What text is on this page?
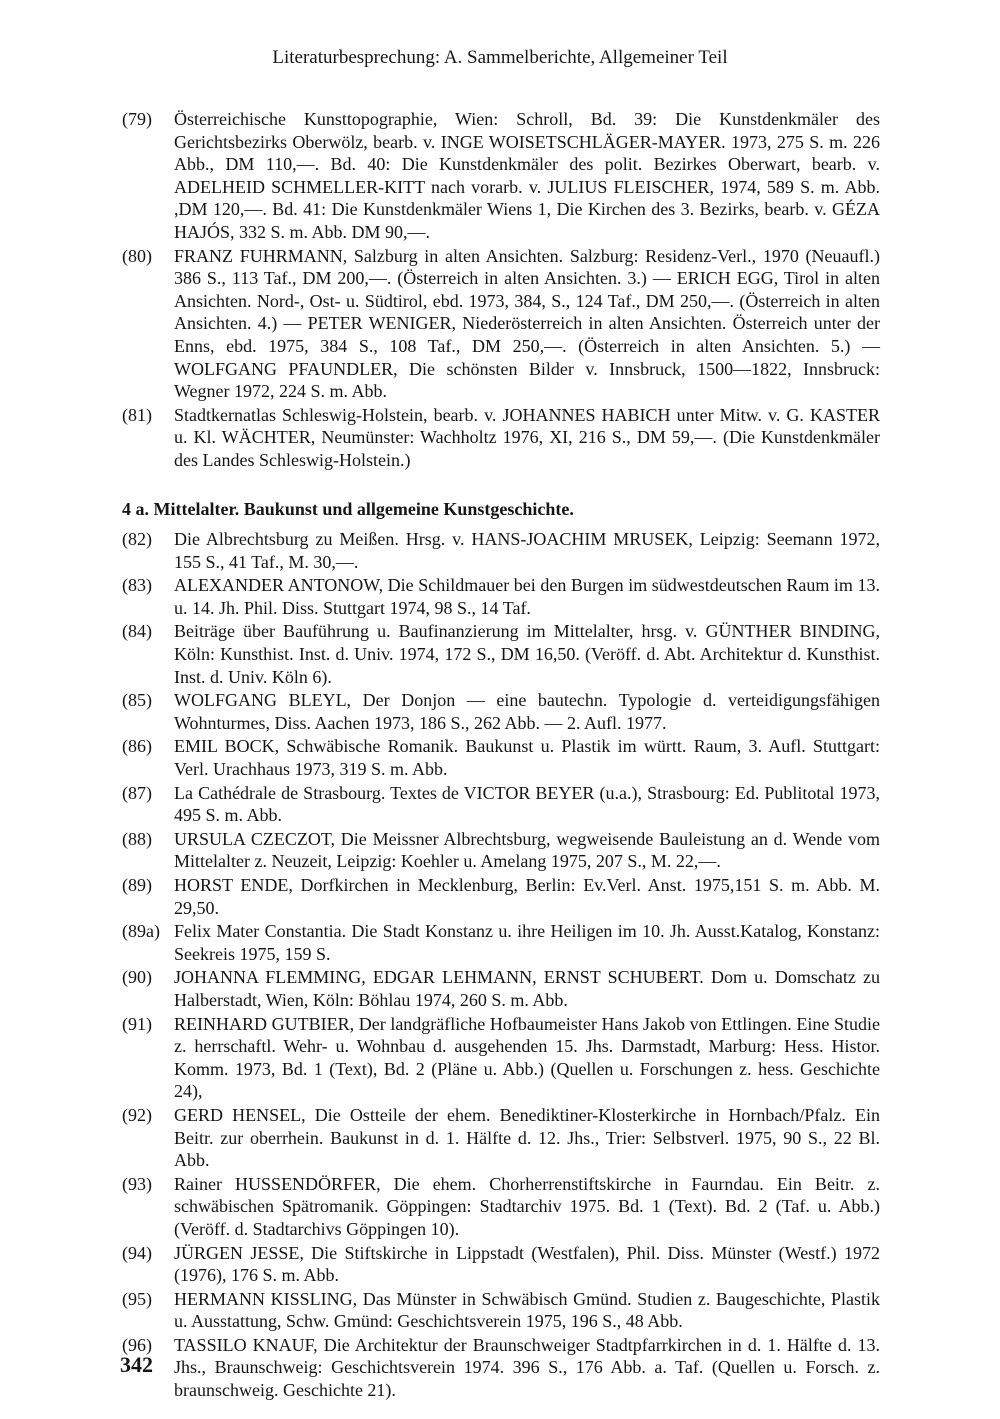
Literaturbesprechung: A. Sammelberichte, Allgemeiner Teil
(79)	Österreichische Kunsttopographie, Wien: Schroll, Bd. 39: Die Kunstdenkmäler des Gerichtsbezirks Oberwölz, bearb. v. INGE WOISETSCHLÄGER-MAYER. 1973, 275 S. m. 226 Abb., DM 110,—. Bd. 40: Die Kunstdenkmäler des polit. Bezirkes Oberwart, bearb. v. ADELHEID SCHMELLER-KITT nach vorarb. v. JULIUS FLEISCHER, 1974, 589 S. m. Abb. ,DM 120,—. Bd. 41: Die Kunstdenkmäler Wiens 1, Die Kirchen des 3. Bezirks, bearb. v. GÉZA HAJÓS, 332 S. m. Abb. DM 90,—.
(80)	FRANZ FUHRMANN, Salzburg in alten Ansichten. Salzburg: Residenz-Verl., 1970 (Neuaufl.) 386 S., 113 Taf., DM 200,—. (Österreich in alten Ansichten. 3.) — ERICH EGG, Tirol in alten Ansichten. Nord-, Ost- u. Südtirol, ebd. 1973, 384, S., 124 Taf., DM 250,—. (Österreich in alten Ansichten. 4.) — PETER WENIGER, Niederösterreich in alten Ansichten. Österreich unter der Enns, ebd. 1975, 384 S., 108 Taf., DM 250,—. (Österreich in alten Ansichten. 5.) — WOLFGANG PFAUNDLER, Die schönsten Bilder v. Innsbruck, 1500—1822, Innsbruck: Wegner 1972, 224 S. m. Abb.
(81)	Stadtkernatlas Schleswig-Holstein, bearb. v. JOHANNES HABICH unter Mitw. v. G. KASTER u. Kl. WÄCHTER, Neumünster: Wachholtz 1976, XI, 216 S., DM 59,—. (Die Kunstdenkmäler des Landes Schleswig-Holstein.)
4 a. Mittelalter. Baukunst und allgemeine Kunstgeschichte.
(82)	Die Albrechtsburg zu Meißen. Hrsg. v. HANS-JOACHIM MRUSEK, Leipzig: Seemann 1972, 155 S., 41 Taf., M. 30,—.
(83)	ALEXANDER ANTONOW, Die Schildmauer bei den Burgen im südwestdeutschen Raum im 13. u. 14. Jh. Phil. Diss. Stuttgart 1974, 98 S., 14 Taf.
(84)	Beiträge über Bauführung u. Baufinanzierung im Mittelalter, hrsg. v. GÜNTHER BINDING, Köln: Kunsthist. Inst. d. Univ. 1974, 172 S., DM 16,50. (Veröff. d. Abt. Architektur d. Kunsthist. Inst. d. Univ. Köln 6).
(85)	WOLFGANG BLEYL, Der Donjon — eine bautechn. Typologie d. verteidigungsfähigen Wohnturmes, Diss. Aachen 1973, 186 S., 262 Abb. — 2. Aufl. 1977.
(86)	EMIL BOCK, Schwäbische Romanik. Baukunst u. Plastik im württ. Raum, 3. Aufl. Stuttgart: Verl. Urachhaus 1973, 319 S. m. Abb.
(87)	La Cathédrale de Strasbourg. Textes de VICTOR BEYER (u.a.), Strasbourg: Ed. Publitotal 1973, 495 S. m. Abb.
(88)	URSULA CZECZOT, Die Meissner Albrechtsburg, wegweisende Bauleistung an d. Wende vom Mittelalter z. Neuzeit, Leipzig: Koehler u. Amelang 1975, 207 S., M. 22,—.
(89)	HORST ENDE, Dorfkirchen in Mecklenburg, Berlin: Ev.Verl. Anst. 1975,151 S. m. Abb. M. 29,50.
(89a) Felix Mater Constantia. Die Stadt Konstanz u. ihre Heiligen im 10. Jh. Ausst.Katalog, Konstanz: Seekreis 1975, 159 S.
(90)	JOHANNA FLEMMING, EDGAR LEHMANN, ERNST SCHUBERT. Dom u. Domschatz zu Halberstadt, Wien, Köln: Böhlau 1974, 260 S. m. Abb.
(91)	REINHARD GUTBIER, Der landgräfliche Hofbaumeister Hans Jakob von Ettlingen. Eine Studie z. herrschaftl. Wehr- u. Wohnbau d. ausgehenden 15. Jhs. Darmstadt, Marburg: Hess. Histor. Komm. 1973, Bd. 1 (Text), Bd. 2 (Pläne u. Abb.) (Quellen u. Forschungen z. hess. Geschichte 24),
(92)	GERD HENSEL, Die Ostteile der ehem. Benediktiner-Klosterkirche in Hornbach/Pfalz. Ein Beitr. zur oberrhein. Baukunst in d. 1. Hälfte d. 12. Jhs., Trier: Selbstverl. 1975, 90 S., 22 Bl. Abb.
(93)	Rainer HUSSENDÖRFER, Die ehem. Chorherrenstiftskirche in Faurndau. Ein Beitr. z. schwäbischen Spätromanik. Göppingen: Stadtarchiv 1975. Bd. 1 (Text). Bd. 2 (Taf. u. Abb.) (Veröff. d. Stadtarchivs Göppingen 10).
(94)	JÜRGEN JESSE, Die Stiftskirche in Lippstadt (Westfalen), Phil. Diss. Münster (Westf.) 1972 (1976), 176 S. m. Abb.
(95)	HERMANN KISSLING, Das Münster in Schwäbisch Gmünd. Studien z. Baugeschichte, Plastik u. Ausstattung, Schw. Gmünd: Geschichtsverein 1975, 196 S., 48 Abb.
(96)	TASSILO KNAUF, Die Architektur der Braunschweiger Stadtpfarrkirchen in d. 1. Hälfte d. 13. Jhs., Braunschweig: Geschichtsverein 1974. 396 S., 176 Abb. a. Taf. (Quellen u. Forsch. z. braunschweig. Geschichte 21).
342
